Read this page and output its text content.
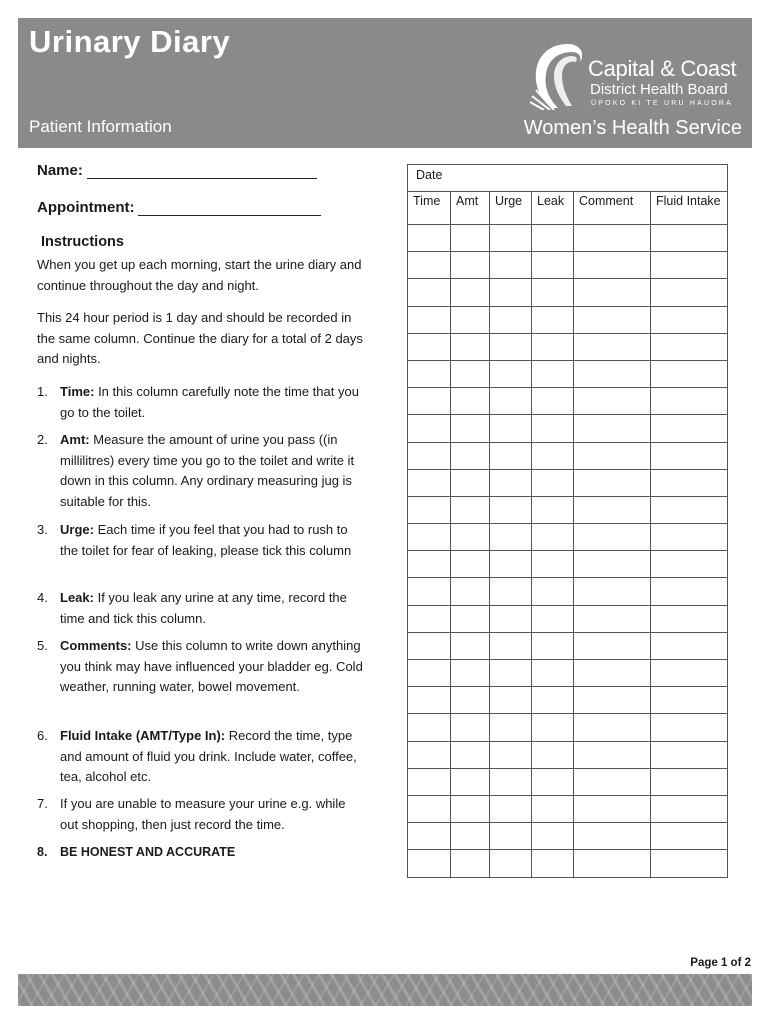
Urinary Diary
Capital & Coast
District Health Board
ŪPOKO KI TE URU HAUORA
Patient Information	Women’s Health Service
Name:
Appointment:
Instructions
When you get up each morning, start the urine diary and continue throughout the day and night.
This 24 hour period is 1 day and should be recorded in the same column. Continue the diary for a total of 2 days and nights.
1. Time: In this column carefully note the time that you go to the toilet.
2. Amt: Measure the amount of urine you pass ((in millilitres) every time you go to the toilet and write it down in this column. Any ordinary measuring jug is suitable for this.
3. Urge: Each time if you feel that you had to rush to the toilet for fear of leaking, please tick this column
4. Leak: If you leak any urine at any time, record the time and tick this column.
5. Comments: Use this column to write down anything you think may have influenced your bladder eg. Cold weather, running water, bowel movement.
6. Fluid Intake (AMT/Type In): Record the time, type and amount of fluid you drink. Include water, coffee, tea, alcohol etc.
7. If you are unable to measure your urine e.g. while out shopping, then just record the time.
8. BE HONEST AND ACCURATE
Date					
Time	Amt	Urge	Leak	Comment	Fluid Intake

Page 1 of 2
